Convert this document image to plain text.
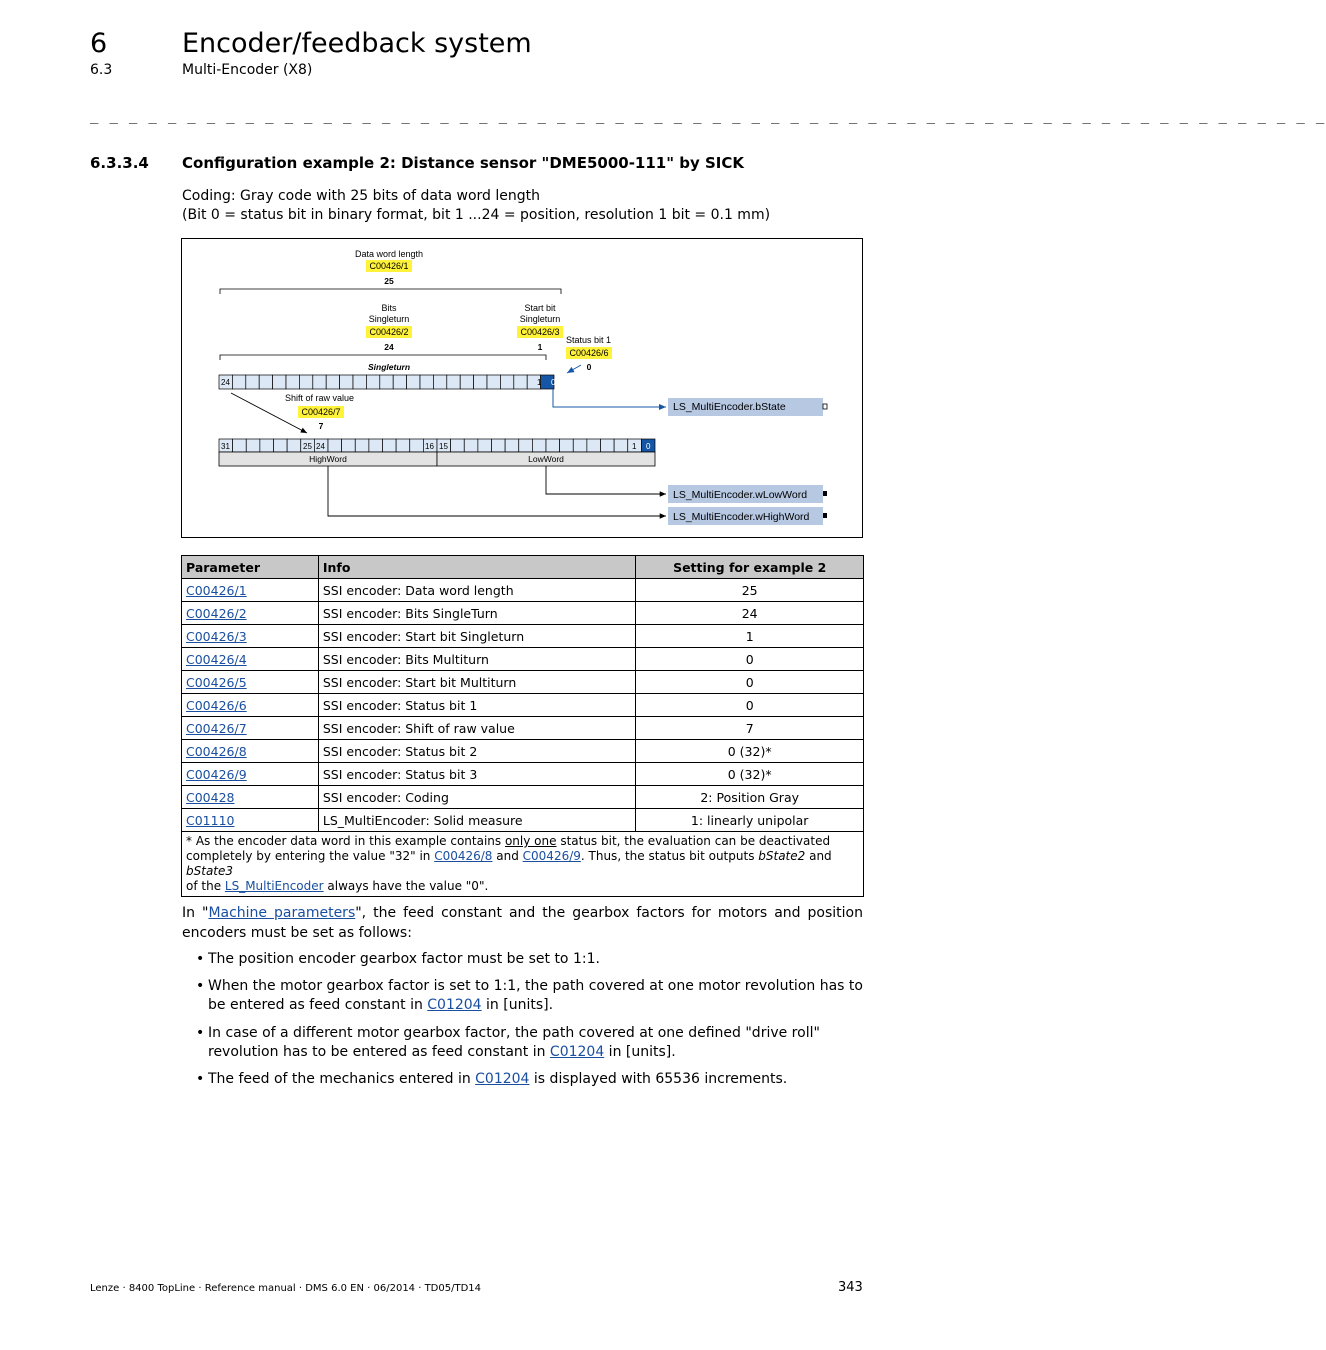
6	Encoder/feedback system
6.3	Multi-Encoder (X8)
_ _ _ _ _ _ _ _ _ _ _ _ _ _ _ _ _ _ _ _ _ _ _ _ _ _ _ _ _ _ _ _ _ _ _ _ _ _ _ _ _ _ _ _ _ _ _ _ _ _ _ _ _ _ _ _ _ _ _ _ _ _ _ _
6.3.3.4 Configuration example 2: Distance sensor "DME5000-111" by SICK
Coding: Gray code with 25 bits of data word length
(Bit 0 = status bit in binary format, bit 1 ...24 = position, resolution 1 bit = 0.1 mm)
Data word length
C00426/1
25
Bits
Singleturn
C00426/2
24
Start bit
Singleturn
C00426/3
1
Status bit 1
C00426/6
0
Singleturn
24	1 0
LS_MultiEncoder.bState
Shift of raw value
C00426/7
7
31	25 24	16 15	1 0
HighWord	LowWord
LS_MultiEncoder.wLowWord
LS_MultiEncoder.wHighWord
Parameter	Info	Setting for example 2
C00426/1	SSI encoder: Data word length	25
C00426/2	SSI encoder: Bits SingleTurn	24
C00426/3	SSI encoder: Start bit Singleturn	1
C00426/4	SSI encoder: Bits Multiturn	0
C00426/5	SSI encoder: Start bit Multiturn	0
C00426/6	SSI encoder: Status bit 1	0
C00426/7	SSI encoder: Shift of raw value	7
C00426/8	SSI encoder: Status bit 2	0 (32)*
C00426/9	SSI encoder: Status bit 3	0 (32)*
C00428	SSI encoder: Coding	2: Position Gray
C01110	LS_MultiEncoder: Solid measure	1: linearly unipolar
* As the encoder data word in this example contains only one status bit, the evaluation can be deactivated completely by entering the value "32" in C00426/8 and C00426/9. Thus, the status bit outputs bState2 and bState3
of the LS_MultiEncoder always have the value "0".		
In "Machine parameters", the feed constant and the gearbox factors for motors and position encoders must be set as follows:
• The position encoder gearbox factor must be set to 1:1.
• When the motor gearbox factor is set to 1:1, the path covered at one motor revolution has to be entered as feed constant in C01204 in [units].
• In case of a different motor gearbox factor, the path covered at one defined "drive roll" revolution has to be entered as feed constant in C01204 in [units].
• The feed of the mechanics entered in C01204 is displayed with 65536 increments.
Lenze · 8400 TopLine · Reference manual · DMS 6.0 EN · 06/2014 · TD05/TD14	343
